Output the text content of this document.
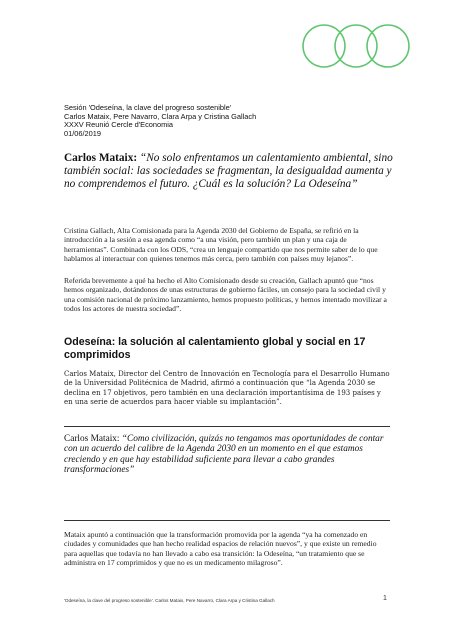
Sesión 'Odeseína, la clave del progreso sostenible'
Carlos Mataix, Pere Navarro, Clara Arpa y Cristina Gallach
XXXV Reunió Cercle d'Economia
01/06/2019
Carlos Mataix: “No solo enfrentamos un calentamiento ambiental, sino también social: las sociedades se fragmentan, la desigualdad aumenta y no comprendemos el futuro. ¿Cuál es la solución? La Odeseína”
Cristina Gallach, Alta Comisionada para la Agenda 2030 del Gobierno de España, se refirió en la introducción a la sesión a esa agenda como “a una visión, pero también un plan y una caja de herramientas”. Combinada con los ODS, “crea un lenguaje compartido que nos permite saber de lo que hablamos al interactuar con quienes tenemos más cerca, pero también con países muy lejanos”.
Referida brevemente a qué ha hecho el Alto Comisionado desde su creación, Gallach apuntó que “nos hemos organizado, dotándonos de unas estructuras de gobierno fáciles, un consejo para la sociedad civil y una comisión nacional de próximo lanzamiento, hemos propuesto políticas, y hemos intentado movilizar a todos los actores de nuestra sociedad”.
Odeseína: la solución al calentamiento global y social en 17 comprimidos
Carlos Mataix, Director del Centro de Innovación en Tecnología para el Desarrollo Humano de la Universidad Politécnica de Madrid, afirmó a continuación que “la Agenda 2030 se declina en 17 objetivos, pero también en una declaración importantísima de 193 países y en una serie de acuerdos para hacer viable su implantación”.
Carlos Mataix: “Como civilización, quizás no tengamos mas oportunidades de contar con un acuerdo del calibre de la Agenda 2030 en un momento en el que estamos creciendo y en que hay estabilidad suficiente para llevar a cabo grandes transformaciones”
Mataix apuntó a continuación que la transformación promovida por la agenda “ya ha comenzado en ciudades y comunidades que han hecho realidad espacios de relación nuevos”, y que existe un remedio para aquellas que todavía no han llevado a cabo esa transición: la Odeseína, “un tratamiento que se administra en 17 comprimidos y que no es un medicamento milagroso”.
'Odeseína, la clave del progreso sostenible'. Carlos Mataix, Pere Navarro, Clara Arpa y Cristina Gallach	1
